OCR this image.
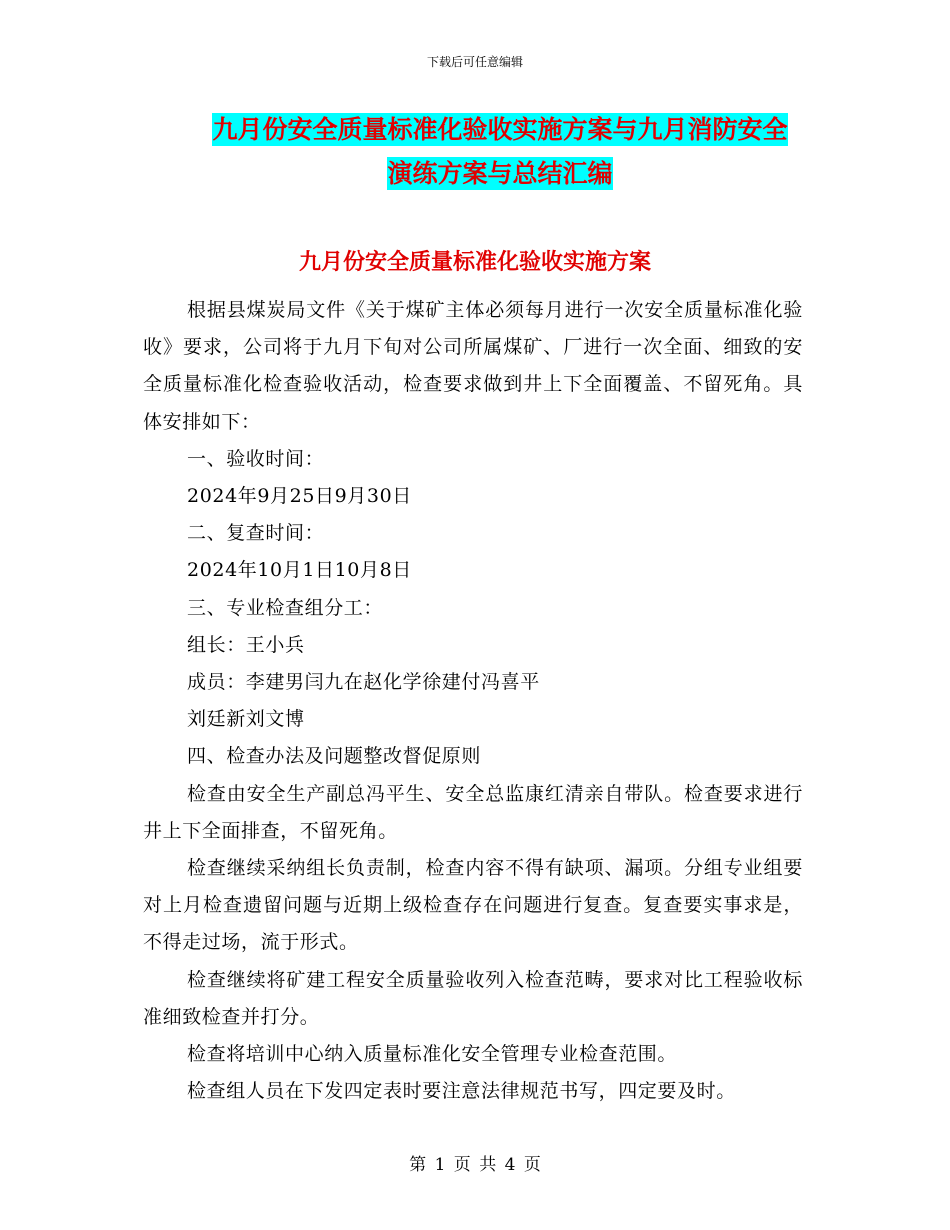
下载后可任意编辑
九月份安全质量标准化验收实施方案与九月消防安全
演练方案与总结汇编
九月份安全质量标准化验收实施方案

根据县煤炭局文件《关于煤矿主体必须每月进行一次安全质量标准化验收》要求，公司将于九月下旬对公司所属煤矿、厂进行一次全面、细致的安全质量标准化检查验收活动，检查要求做到井上下全面覆盖、不留死角。具体安排如下：

一、验收时间：

2024年9月25日9月30日

二、复查时间：

2024年10月1日10月8日

三、专业检查组分工：

组长：王小兵

成员：李建男闫九在赵化学徐建付冯喜平

刘廷新刘文博

四、检查办法及问题整改督促原则

检查由安全生产副总冯平生、安全总监康红清亲自带队。检查要求进行井上下全面排查，不留死角。

检查继续采纳组长负责制，检查内容不得有缺项、漏项。分组专业组要对上月检查遗留问题与近期上级检查存在问题进行复查。复查要实事求是，不得走过场，流于形式。

检查继续将矿建工程安全质量验收列入检查范畴，要求对比工程验收标准细致检查并打分。

检查将培训中心纳入质量标准化安全管理专业检查范围。

检查组人员在下发四定表时要注意法律规范书写，四定要及时。

第 1 页 共 4 页
